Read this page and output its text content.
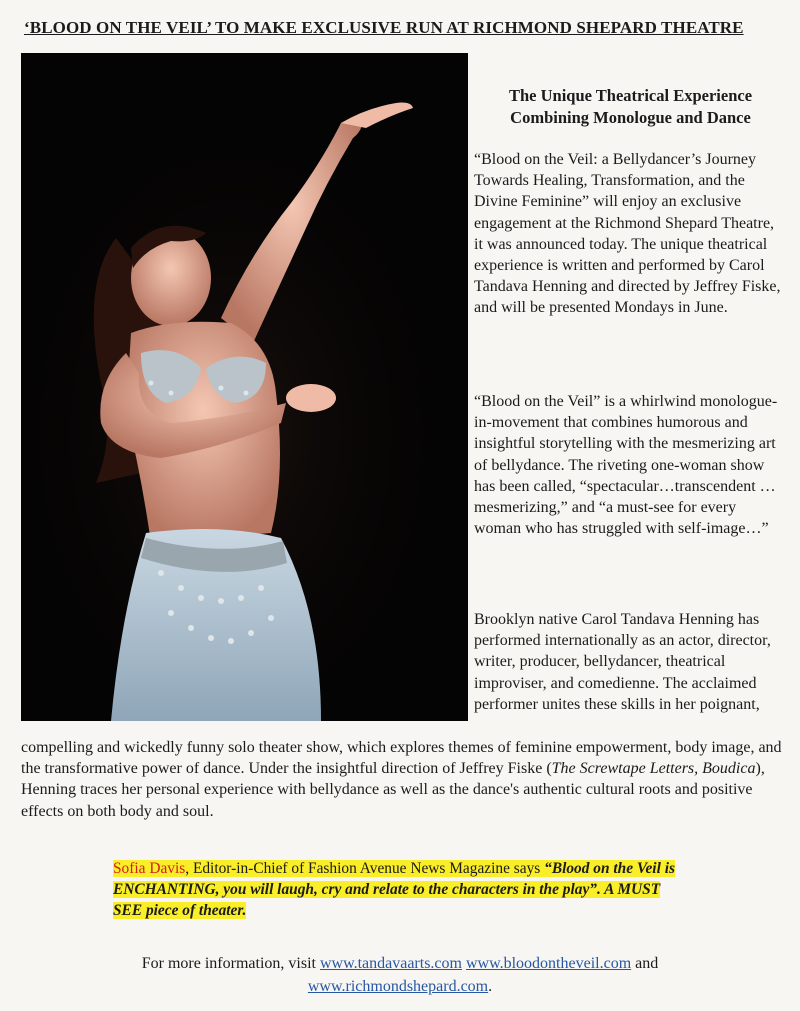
‘BLOOD ON THE VEIL’ TO MAKE EXCLUSIVE RUN AT RICHMOND SHEPARD THEATRE
The Unique Theatrical Experience
Combining Monologue and Dance

“Blood on the Veil: a Bellydancer’s Journey Towards Healing, Transformation, and the Divine Feminine” will enjoy an exclusive engagement at the Richmond Shepard Theatre, it was announced today. The unique theatrical experience is written and performed by Carol Tandava Henning and directed by Jeffrey Fiske, and will be presented Mondays in June.

“Blood on the Veil” is a whirlwind monologue-in-movement that combines humorous and insightful storytelling with the mesmerizing art of bellydance. The riveting one-woman show has been called, “spectacular…transcendent …mesmerizing,” and “a must-see for every woman who has struggled with self-image…”

Brooklyn native Carol Tandava Henning has performed internationally as an actor, director, writer, producer, bellydancer, theatrical improviser, and comedienne. The acclaimed performer unites these skills in her poignant,

compelling and wickedly funny solo theater show, which explores themes of feminine empowerment, body image, and the transformative power of dance. Under the insightful direction of Jeffrey Fiske (The Screwtape Letters, Boudica), Henning traces her personal experience with bellydance as well as the dance's authentic cultural roots and positive effects on both body and soul.

Sofia Davis, Editor-in-Chief of Fashion Avenue News Magazine says “Blood on the Veil is ENCHANTING, you will laugh, cry and relate to the characters in the play”. A MUST SEE piece of theater.
For more information, visit www.tandavaarts.com www.bloodontheveil.com and
www.richmondshepard.com.
